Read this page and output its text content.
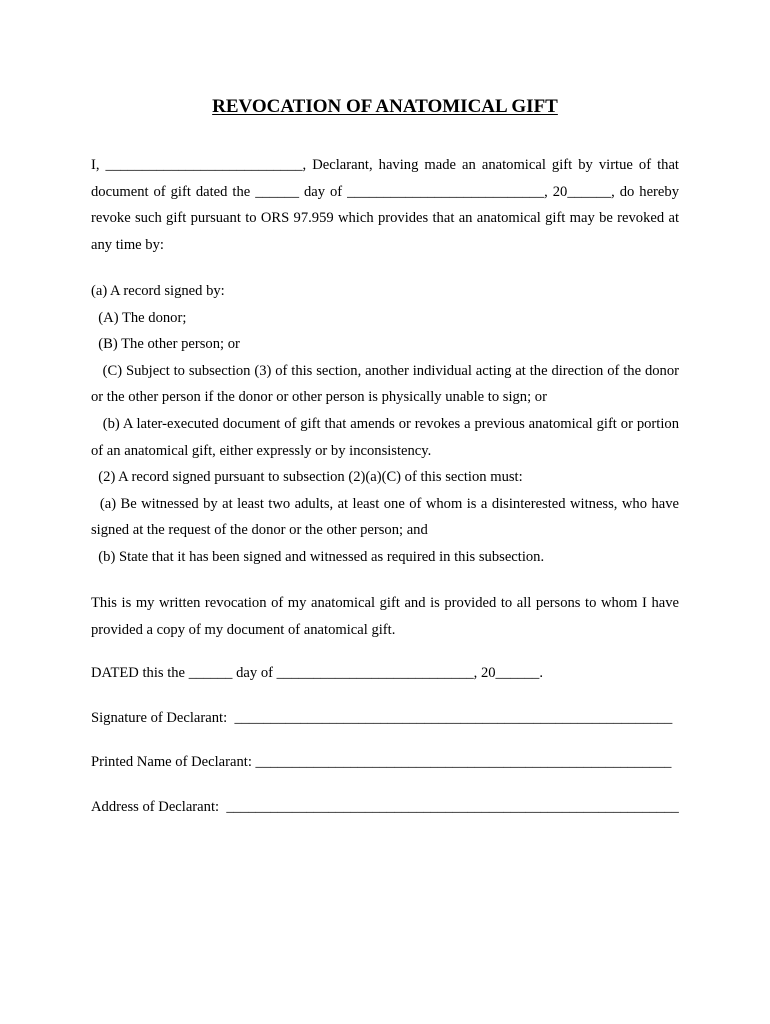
REVOCATION OF ANATOMICAL GIFT

I, ___________________________, Declarant, having made an anatomical gift by virtue of that document of gift dated the ______ day of ___________________________, 20______, do hereby revoke such gift pursuant to ORS 97.959 which provides that an anatomical gift may be revoked at any time by:

(a) A record signed by:

(A) The donor;

(B) The other person; or

(C) Subject to subsection (3) of this section, another individual acting at the direction of the donor or the other person if the donor or other person is physically unable to sign; or

(b) A later-executed document of gift that amends or revokes a previous anatomical gift or portion of an anatomical gift, either expressly or by inconsistency.

(2) A record signed pursuant to subsection (2)(a)(C) of this section must:

(a) Be witnessed by at least two adults, at least one of whom is a disinterested witness, who have signed at the request of the donor or the other person; and

(b) State that it has been signed and witnessed as required in this subsection.

This is my written revocation of my anatomical gift and is provided to all persons to whom I have provided a copy of my document of anatomical gift.

DATED this the ______ day of ___________________________, 20______.

Signature of Declarant:  ____________________________________________________________

Printed Name of Declarant: _________________________________________________________

Address of Declarant:  ______________________________________________________________
